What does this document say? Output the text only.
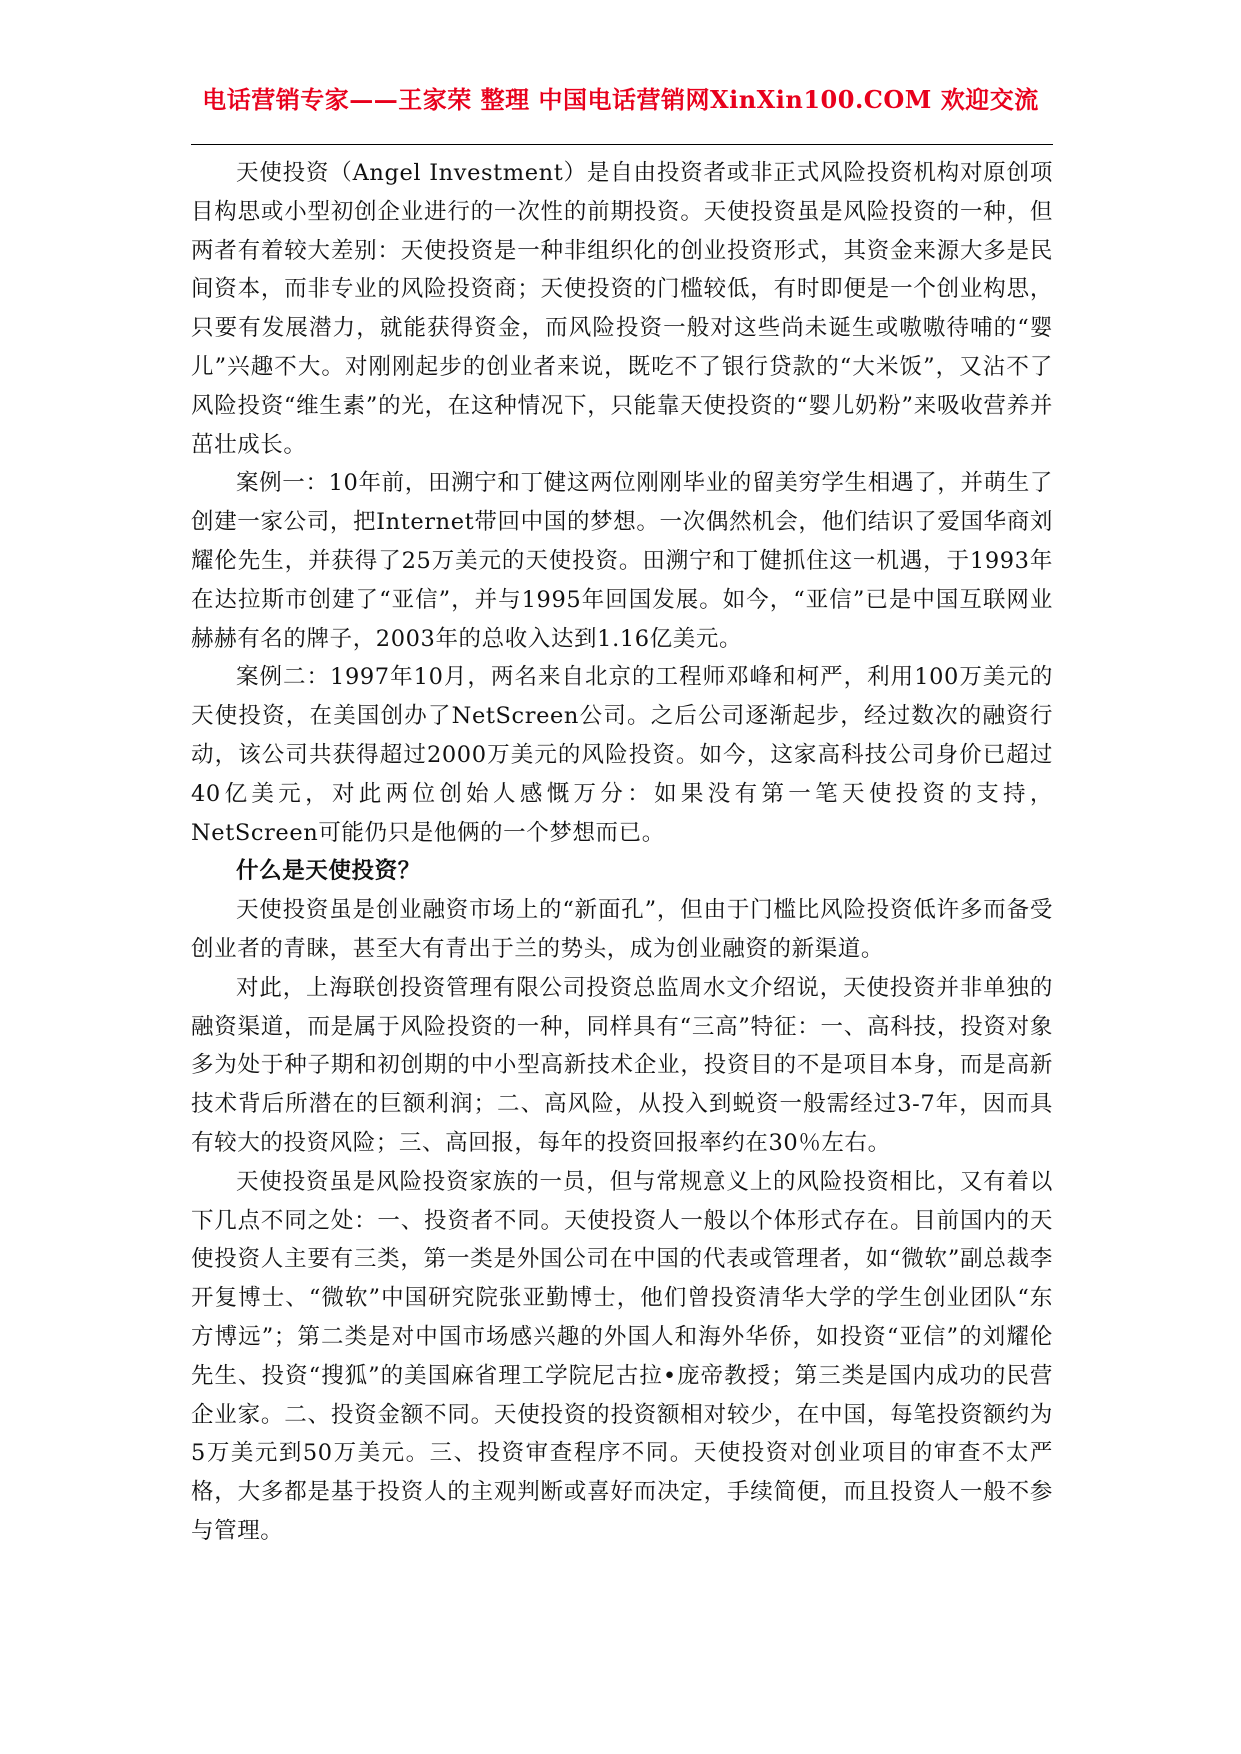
电话营销专家——王家荣 整理 中国电话营销网XinXin100.COM 欢迎交流

天使投资（Angel Investment）是自由投资者或非正式风险投资机构对原创项目构思或小型初创企业进行的一次性的前期投资。天使投资虽是风险投资的一种，但两者有着较大差别：天使投资是一种非组织化的创业投资形式，其资金来源大多是民间资本，而非专业的风险投资商；天使投资的门槛较低，有时即便是一个创业构思，只要有发展潜力，就能获得资金，而风险投资一般对这些尚未诞生或嗷嗷待哺的“婴儿”兴趣不大。对刚刚起步的创业者来说，既吃不了银行贷款的“大米饭”，又沾不了风险投资“维生素”的光，在这种情况下，只能靠天使投资的“婴儿奶粉”来吸收营养并茁壮成长。

案例一：10年前，田溯宁和丁健这两位刚刚毕业的留美穷学生相遇了，并萌生了创建一家公司，把Internet带回中国的梦想。一次偶然机会，他们结识了爱国华商刘耀伦先生，并获得了25万美元的天使投资。田溯宁和丁健抓住这一机遇，于1993年在达拉斯市创建了“亚信”，并与1995年回国发展。如今，“亚信”已是中国互联网业赫赫有名的牌子，2003年的总收入达到1.16亿美元。

案例二：1997年10月，两名来自北京的工程师邓峰和柯严，利用100万美元的天使投资，在美国创办了NetScreen公司。之后公司逐渐起步，经过数次的融资行动，该公司共获得超过2000万美元的风险投资。如今，这家高科技公司身价已超过40亿美元，对此两位创始人感慨万分：如果没有第一笔天使投资的支持，NetScreen可能仍只是他俩的一个梦想而已。

什么是天使投资？

天使投资虽是创业融资市场上的“新面孔”，但由于门槛比风险投资低许多而备受创业者的青睐，甚至大有青出于兰的势头，成为创业融资的新渠道。

对此，上海联创投资管理有限公司投资总监周水文介绍说，天使投资并非单独的融资渠道，而是属于风险投资的一种，同样具有“三高”特征：一、高科技，投资对象多为处于种子期和初创期的中小型高新技术企业，投资目的不是项目本身，而是高新技术背后所潜在的巨额利润；二、高风险，从投入到蜕资一般需经过3-7年，因而具有较大的投资风险；三、高回报，每年的投资回报率约在30％左右。

天使投资虽是风险投资家族的一员，但与常规意义上的风险投资相比，又有着以下几点不同之处：一、投资者不同。天使投资人一般以个体形式存在。目前国内的天使投资人主要有三类，第一类是外国公司在中国的代表或管理者，如“微软”副总裁李开复博士、“微软”中国研究院张亚勤博士，他们曾投资清华大学的学生创业团队“东方博远”；第二类是对中国市场感兴趣的外国人和海外华侨，如投资“亚信”的刘耀伦先生、投资“搜狐”的美国麻省理工学院尼古拉•庞帝教授；第三类是国内成功的民营企业家。二、投资金额不同。天使投资的投资额相对较少，在中国，每笔投资额约为5万美元到50万美元。三、投资审查程序不同。天使投资对创业项目的审查不太严格，大多都是基于投资人的主观判断或喜好而决定，手续简便，而且投资人一般不参与管理。
